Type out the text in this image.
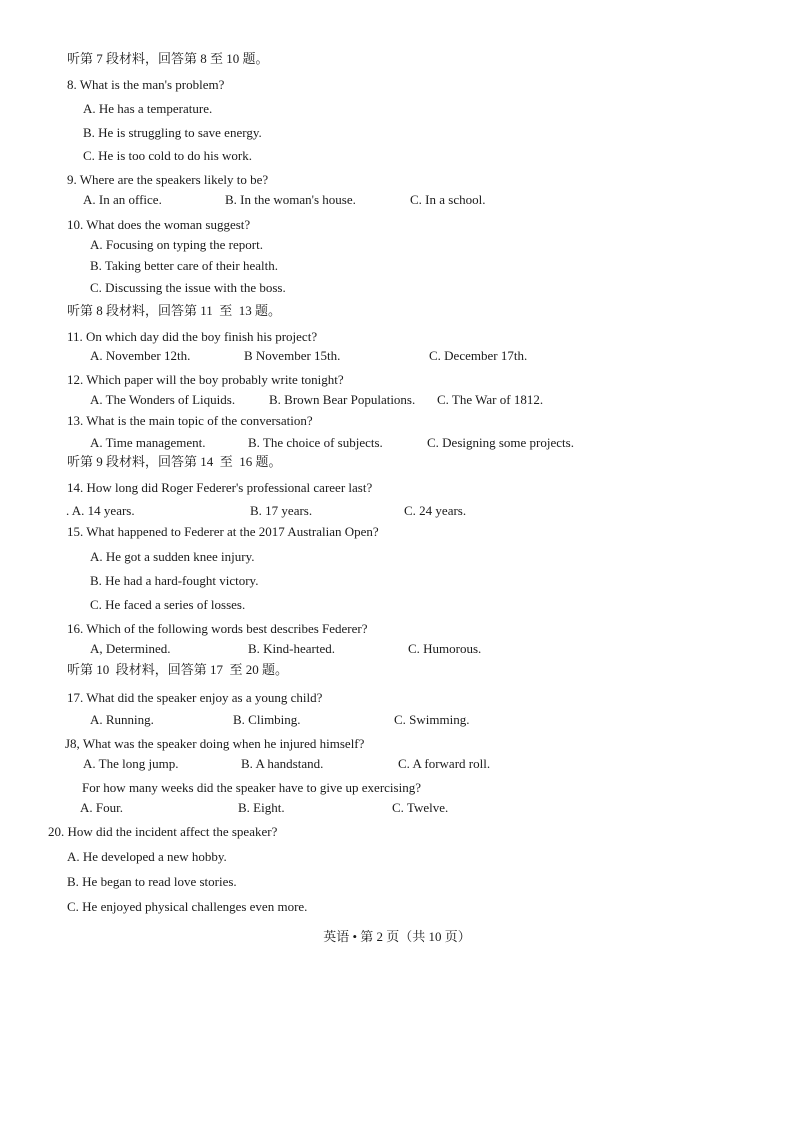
听第 7 段材料，回答第 8 至 10 题。
8. What is the man's problem?
A. He has a temperature.
B. He is struggling to save energy.
C. He is too cold to do his work.
9. Where are the speakers likely to be?
A. In an office.	B. In the woman's house.	C. In a school.
10. What does the woman suggest?
A. Focusing on typing the report.
B. Taking better care of their health.
C. Discussing the issue with the boss.
听第 8 段材料，回答第 11  至  13 题。
11. On which day did the boy finish his project?
A. November 12th.	B November 15th.	C. December 17th.
12. Which paper will the boy probably write tonight?
A. The Wonders of Liquids.	B. Brown Bear Populations. C. The War of 1812.
13. What is the main topic of the conversation?
A. Time management.	B. The choice of subjects.	C. Designing some projects.
听第 9 段材料，回答第 14  至  16 题。
14. How long did Roger Federer's professional career last?
. A. 14 years.	B. 17 years.	C. 24 years.
15. What happened to Federer at the 2017 Australian Open?
A. He got a sudden knee injury.
B. He had a hard-fought victory.
C. He faced a series of losses.
16. Which of the following words best describes Federer?
A, Determined.	B. Kind-hearted.	C. Humorous.
听第 10  段材料，回答第 17  至 20 题。
17. What did the speaker enjoy as a young child?
A. Running.	B. Climbing.	C. Swimming.
J8, What was the speaker doing when he injured himself?
A. The long jump.	B. A handstand.	C. A forward roll.
For how many weeks did the speaker have to give up exercising?
A. Four.	B. Eight.	C. Twelve.
20. How did the incident affect the speaker?
A. He developed a new hobby.
B. He began to read love stories.
C. He enjoyed physical challenges even more.
英语 • 第 2 页（共 10 页）
